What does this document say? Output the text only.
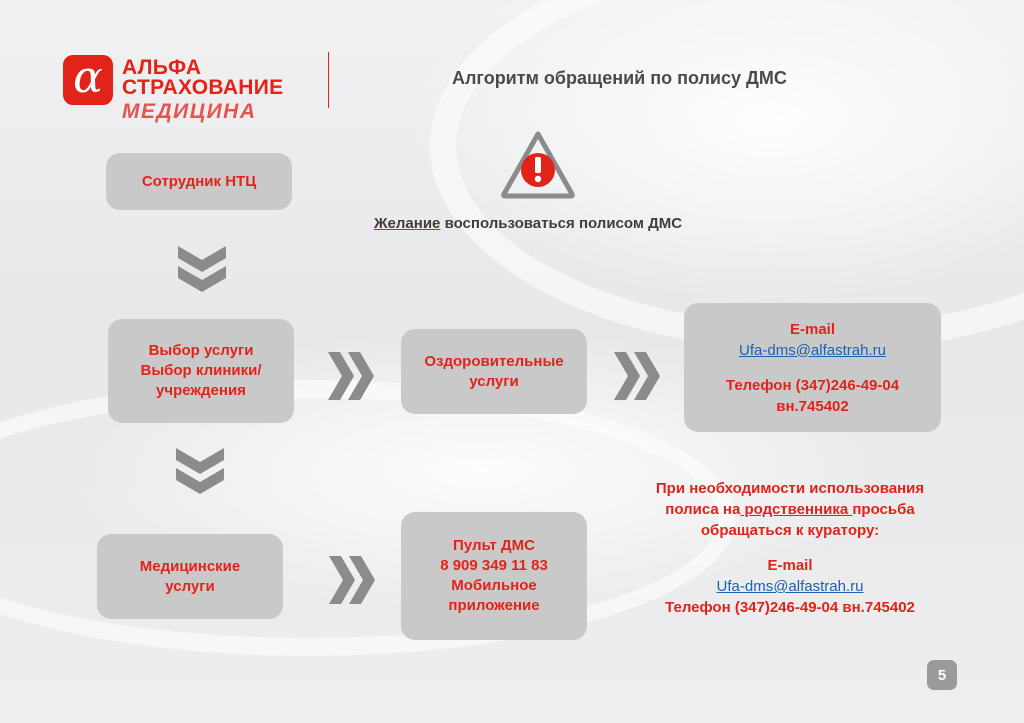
α АЛЬФА
СТРАХОВАНИЕ
МЕДИЦИНА
Алгоритм обращений по полису ДМС
Желание воспользоваться полисом ДМС
Сотрудник НТЦ
Выбор услуги
Выбор клиники/
учреждения
Оздоровительные
услуги
E-mail
Ufa-dms@alfastrah.ru
Телефон (347)246-49-04
вн.745402
Медицинские
услуги
Пульт ДМС
8 909 349 11 83
Мобильное
приложение
При необходимости использования
полиса на родственника просьба
обращаться к куратору:
E-mail
Ufa-dms@alfastrah.ru
Телефон (347)246-49-04 вн.745402
5
